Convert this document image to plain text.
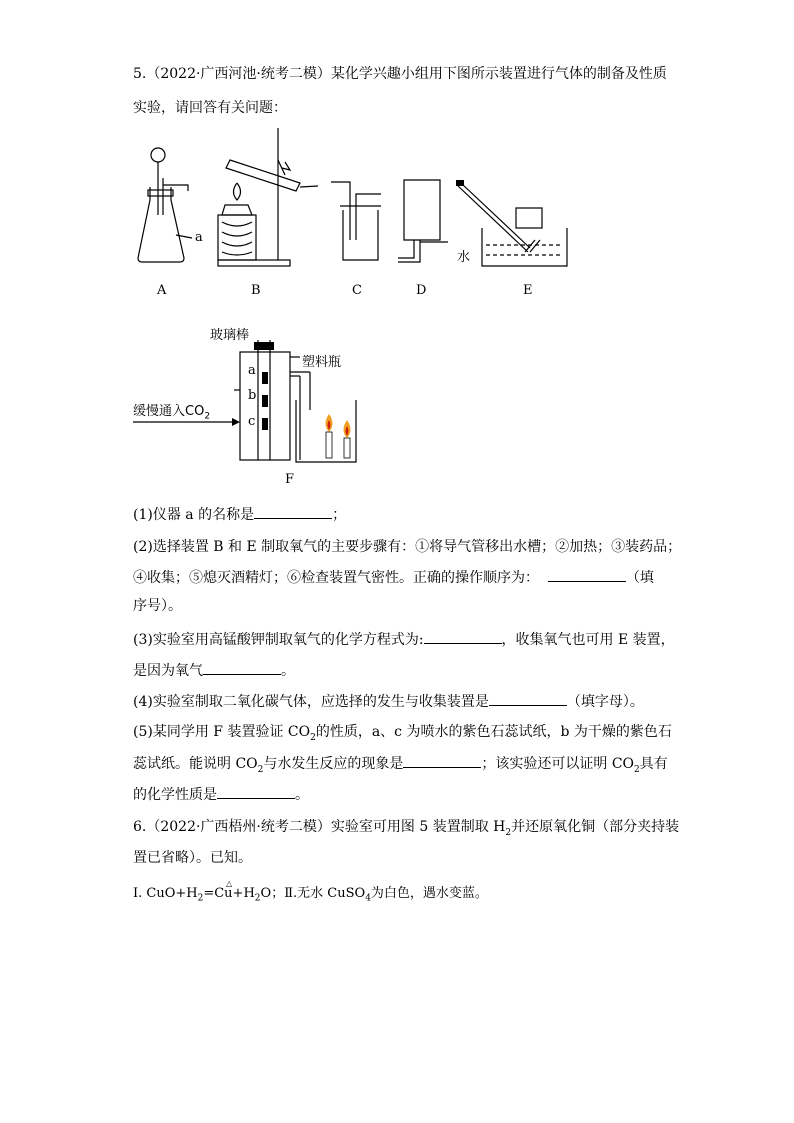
5.（2022·广西河池·统考二模）某化学兴趣小组用下图所示装置进行气体的制备及性质
实验，请回答有关问题：
a
水
A	B	C	D	E
玻璃棒
塑料瓶
缓慢通入$CO_2$
a
b
c
F
(1)仪器 a 的名称是	；
(2)选择装置 B 和 E 制取氧气的主要步骤有：①将导气管移出水槽；②加热；③装药品；
④收集；⑤熄灭酒精灯；⑥检查装置气密性。正确的操作顺序为：	（填
序号）。
(3)实验室用高锰酸钾制取氧气的化学方程式为:	，收集氧气也可用 E 装置，
是因为氧气	。
(4)实验室制取二氧化碳气体，应选择的发生与收集装置是	（填字母）。
(5)某同学用 F 装置验证 $CO_2$的性质，a、c 为喷水的紫色石蕊试纸，b 为干燥的紫色石
蕊试纸。能说明 $CO_2$与水发生反应的现象是	；该实验还可以证明 $CO_2$具有
的化学性质是	。
6.（2022·广西梧州·统考二模）实验室可用图 5 装置制取 $H_2$并还原氧化铜（部分夹持装
置已省略）。已知。
Ⅰ. $CuO+H_2$
△
$=Cu+H_2O$；Ⅱ.无水 CuSO$_4$为白色，遇水变蓝。
